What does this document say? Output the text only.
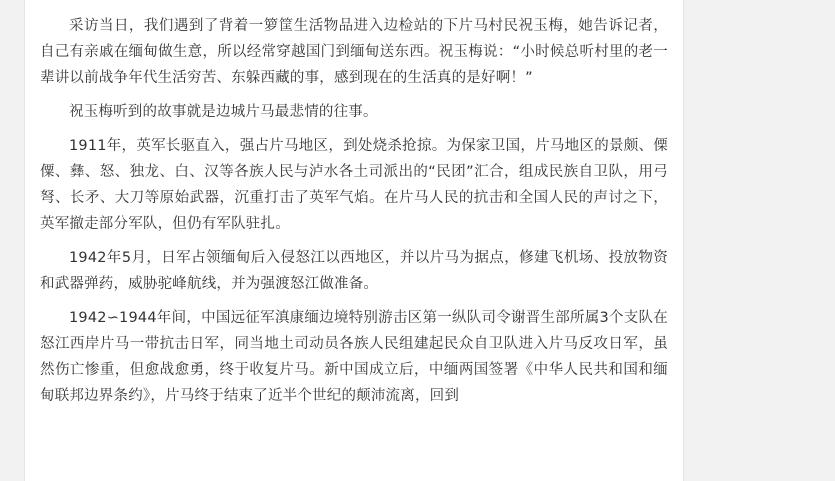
采访当日，我们遇到了背着一箩筐生活物品进入边检站的下片马村民祝玉梅，她告诉记者，自己有亲戚在缅甸做生意，所以经常穿越国门到缅甸送东西。祝玉梅说：“小时候总听村里的老一辈讲以前战争年代生活穷苦、东躲西藏的事，感到现在的生活真的是好啊！”

祝玉梅听到的故事就是边城片马最悲情的往事。

1911年，英军长驱直入，强占片马地区，到处烧杀抢掠。为保家卫国，片马地区的景颇、傈僳、彝、怒、独龙、白、汉等各族人民与泸水各土司派出的“民团”汇合，组成民族自卫队，用弓弩、长矛、大刀等原始武器，沉重打击了英军气焰。在片马人民的抗击和全国人民的声讨之下，英军撤走部分军队，但仍有军队驻扎。

1942年5月，日军占领缅甸后入侵怒江以西地区，并以片马为据点，修建飞机场、投放物资和武器弹药，威胁驼峰航线，并为强渡怒江做准备。

1942∽1944年间，中国远征军滇康缅边境特别游击区第一纵队司令谢晋生部所属3个支队在怒江西岸片马一带抗击日军，同当地土司动员各族人民组建起民众自卫队进入片马反攻日军，虽然伤亡惨重，但愈战愈勇，终于收复片马。新中国成立后，中缅两国签署《中华人民共和国和缅甸联邦边界条约》，片马终于结束了近半个世纪的颠沛流离，回到
